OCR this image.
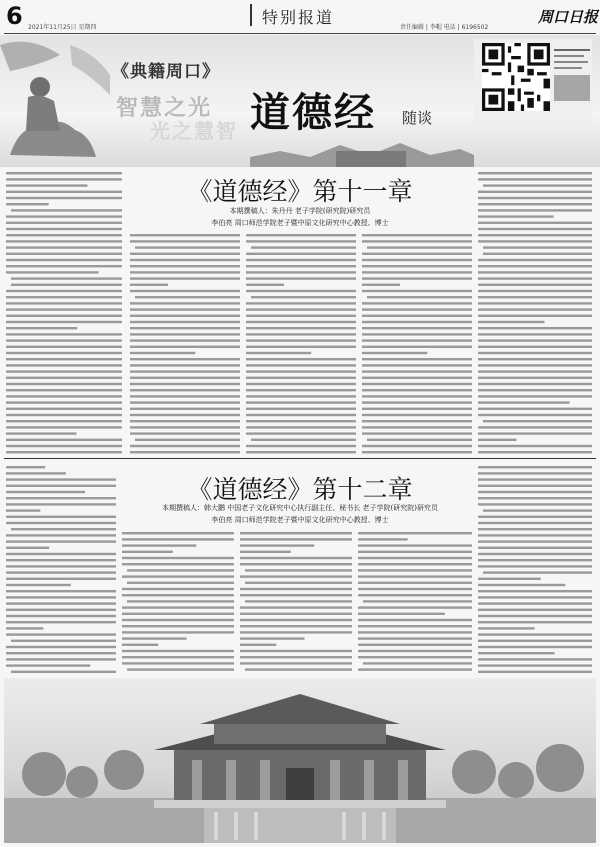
6 2021年11月25日 星期四
特别报道
责任编辑 | 李帽 电话 | 6196502
周口日报
《典籍周口》
智慧之光
光之慧智 道德经 随谈
《道德经》第十一章
本期撰稿人：朱丹丹 老子学院(研究院)研究员
李伯亮 周口师范学院老子暨中原文化研究中心教授、博士
《道德经》第十二章
本期撰稿人：韩大鹏 中国老子文化研究中心执行副主任、秘书长 老子学院(研究院)研究员
李伯亮 周口师范学院老子暨中原文化研究中心教授、博士
